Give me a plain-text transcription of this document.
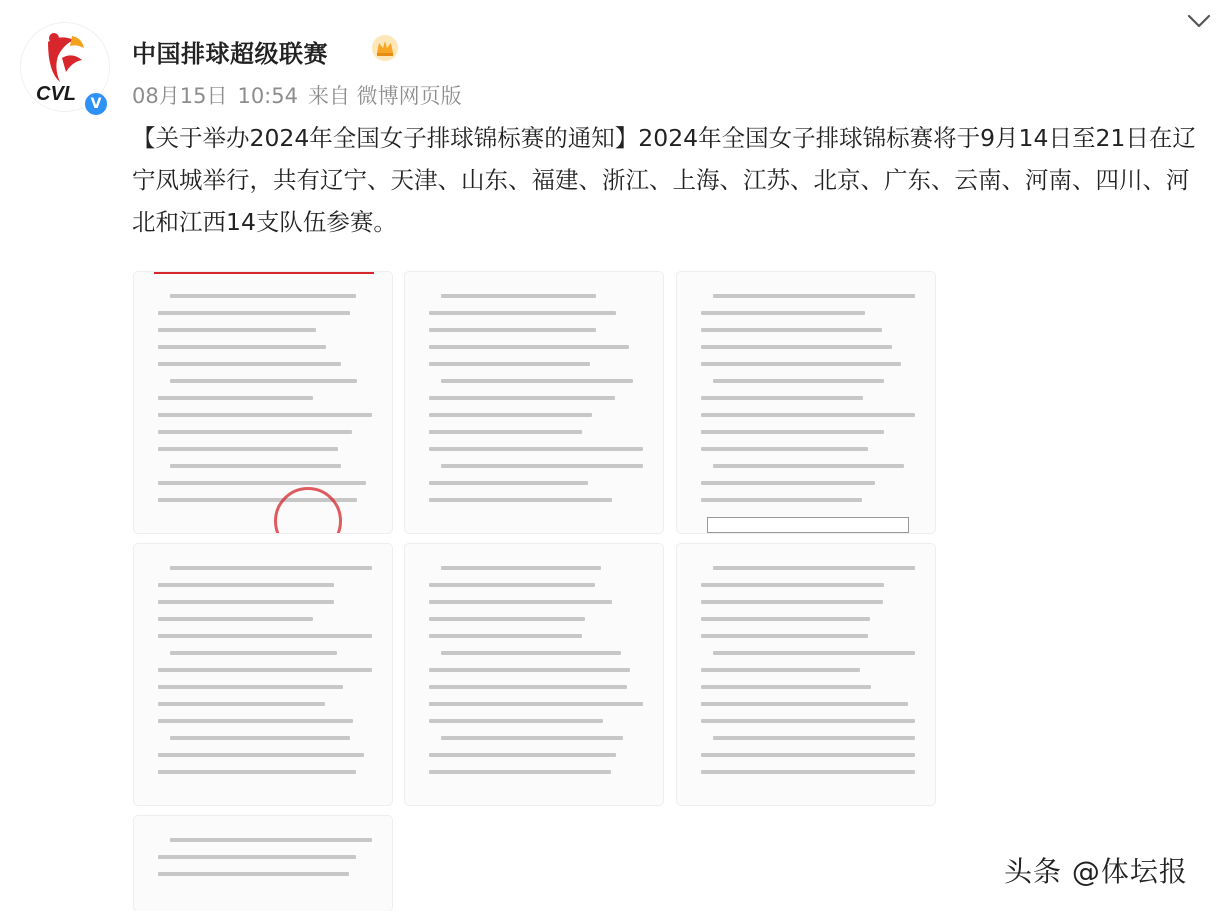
CVL	V
中国排球超级联赛
08月15日 10:54 来自 微博网页版
【关于举办2024年全国女子排球锦标赛的通知】2024年全国女子排球锦标赛将于9月14日至21日在辽宁凤城举行，共有辽宁、天津、山东、福建、浙江、上海、江苏、北京、广东、云南、河南、四川、河北和江西14支队伍参赛。
头条 @体坛报
